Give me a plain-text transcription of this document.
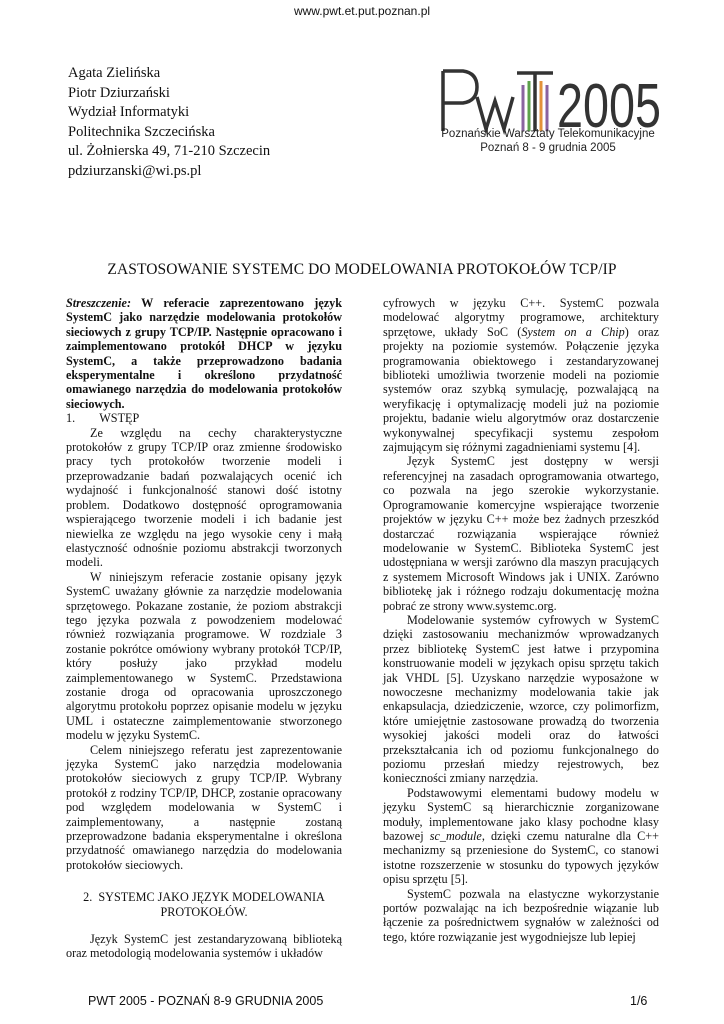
www.pwt.et.put.poznan.pl
Agata Zielińska
Piotr Dziurzański
Wydział Informatyki
Politechnika Szczecińska
ul. Żołnierska 49, 71-210 Szczecin
pdziurzanski@wi.ps.pl
2005
Poznańskie Warsztaty Telekomunikacyjne
Poznań 8 - 9 grudnia 2005
ZASTOSOWANIE SYSTEMC DO MODELOWANIA PROTOKOŁÓW TCP/IP

Streszczenie: W referacie zaprezentowano język SystemC jako narzędzie modelowania protokołów sieciowych z grupy TCP/IP. Następnie opracowano i zaimplementowano protokół DHCP w języku SystemC, a także przeprowadzono badania eksperymentalne i określono przydatność omawianego narzędzia do modelowania protokołów sieciowych.

1.        WSTĘP

Ze względu na cechy charakterystyczne protokołów z grupy TCP/IP oraz zmienne środowisko pracy tych protokołów tworzenie modeli i przeprowadzanie badań pozwalających ocenić ich wydajność i funkcjonalność stanowi dość istotny problem. Dodatkowo dostępność oprogramowania wspierającego tworzenie modeli i ich badanie jest niewielka ze względu na jego wysokie ceny i małą elastyczność odnośnie poziomu abstrakcji tworzonych modeli.

W niniejszym referacie zostanie opisany język SystemC uważany głównie za narzędzie modelowania sprzętowego. Pokazane zostanie, że poziom abstrakcji tego języka pozwala z powodzeniem modelować również rozwiązania programowe. W rozdziale 3 zostanie pokrótce omówiony wybrany protokół TCP/IP, który posłuży jako przykład modelu zaimplementowanego w SystemC. Przedstawiona zostanie droga od opracowania uproszczonego algorytmu protokołu poprzez opisanie modelu w języku UML i ostateczne zaimplementowanie stworzonego modelu w języku SystemC.

Celem niniejszego referatu jest zaprezentowanie języka SystemC jako narzędzia modelowania protokołów sieciowych z grupy TCP/IP. Wybrany protokół z rodziny TCP/IP, DHCP, zostanie opracowany pod względem modelowania w SystemC i zaimplementowany, a następnie zostaną przeprowadzone badania eksperymentalne i określona przydatność omawianego narzędzia do modelowania protokołów sieciowych.

2.  SYSTEMC JAKO JĘZYK MODELOWANIA
PROTOKOŁÓW.

Język SystemC jest zestandaryzowaną biblioteką oraz metodologią modelowania systemów i układów

cyfrowych w języku C++. SystemC pozwala modelować algorytmy programowe, architektury sprzętowe, układy SoC (System on a Chip) oraz projekty na poziomie systemów. Połączenie języka programowania obiektowego i zestandaryzowanej biblioteki umożliwia tworzenie modeli na poziomie systemów oraz szybką symulację, pozwalającą na weryfikację i optymalizację modeli już na poziomie projektu, badanie wielu algorytmów oraz dostarczenie wykonywalnej specyfikacji systemu zespołom zajmującym się różnymi zagadnieniami systemu [4].

Język SystemC jest dostępny w wersji referencyjnej na zasadach oprogramowania otwartego, co pozwala na jego szerokie wykorzystanie. Oprogramowanie komercyjne wspierające tworzenie projektów w języku C++ może bez żadnych przeszkód dostarczać rozwiązania wspierające również modelowanie w SystemC. Biblioteka SystemC jest udostępniana w wersji zarówno dla maszyn pracujących z systemem Microsoft Windows jak i UNIX. Zarówno bibliotekę jak i różnego rodzaju dokumentację można pobrać ze strony www.systemc.org.

Modelowanie systemów cyfrowych w SystemC dzięki zastosowaniu mechanizmów wprowadzanych przez bibliotekę SystemC jest łatwe i przypomina konstruowanie modeli w językach opisu sprzętu takich jak VHDL [5]. Uzyskano narzędzie wyposażone w nowoczesne mechanizmy modelowania takie jak enkapsulacja, dziedziczenie, wzorce, czy polimorfizm, które umiejętnie zastosowane prowadzą do tworzenia wysokiej jakości modeli oraz do łatwości przekształcania ich od poziomu funkcjonalnego do poziomu przesłań miedzy rejestrowych, bez konieczności zmiany narzędzia.

Podstawowymi elementami budowy modelu w języku SystemC są hierarchicznie zorganizowane moduły, implementowane jako klasy pochodne klasy bazowej sc_module, dzięki czemu naturalne dla C++ mechanizmy są przeniesione do SystemC, co stanowi istotne rozszerzenie w stosunku do typowych języków opisu sprzętu [5].

SystemC pozwala na elastyczne wykorzystanie portów pozwalając na ich bezpośrednie wiązanie lub łączenie za pośrednictwem sygnałów w zależności od tego, które rozwiązanie jest wygodniejsze lub lepiej

PWT 2005 - POZNAŃ 8-9 GRUDNIA 2005	1/6
